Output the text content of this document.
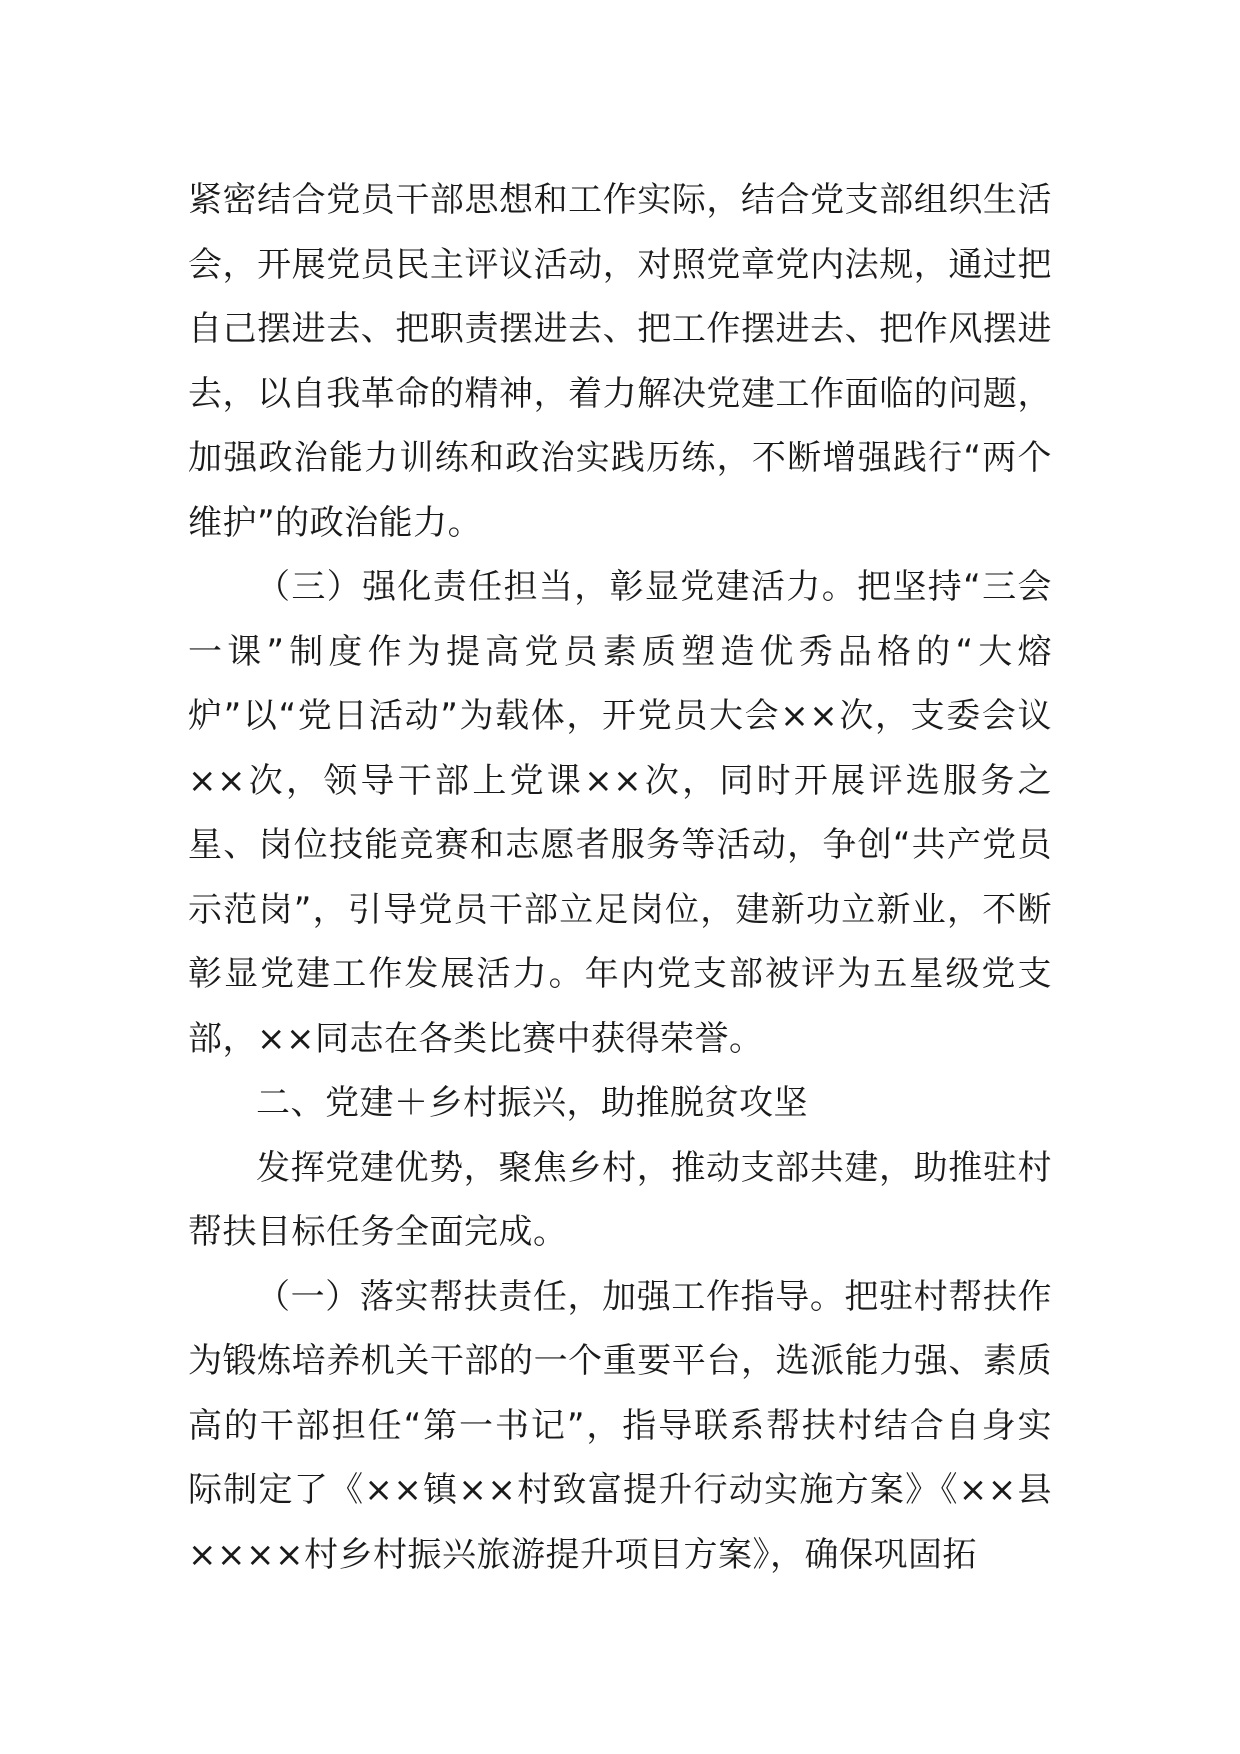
紧密结合党员干部思想和工作实际，结合党支部组织生活会，开展党员民主评议活动，对照党章党内法规，通过把自己摆进去、把职责摆进去、把工作摆进去、把作风摆进去，以自我革命的精神，着力解决党建工作面临的问题，加强政治能力训练和政治实践历练，不断增强践行“两个维护”的政治能力。

（三）强化责任担当，彰显党建活力。把坚持“三会一课”制度作为提高党员素质塑造优秀品格的“大熔炉”以“党日活动”为载体，开党员大会××次，支委会议××次，领导干部上党课××次，同时开展评选服务之星、岗位技能竞赛和志愿者服务等活动，争创“共产党员示范岗”，引导党员干部立足岗位，建新功立新业，不断彰显党建工作发展活力。年内党支部被评为五星级党支部，××同志在各类比赛中获得荣誉。

二、党建＋乡村振兴，助推脱贫攻坚

发挥党建优势，聚焦乡村，推动支部共建，助推驻村帮扶目标任务全面完成。

（一）落实帮扶责任，加强工作指导。把驻村帮扶作为锻炼培养机关干部的一个重要平台，选派能力强、素质高的干部担任“第一书记”，指导联系帮扶村结合自身实际制定了《××镇××村致富提升行动实施方案》《××县××××村乡村振兴旅游提升项目方案》，确保巩固拓
